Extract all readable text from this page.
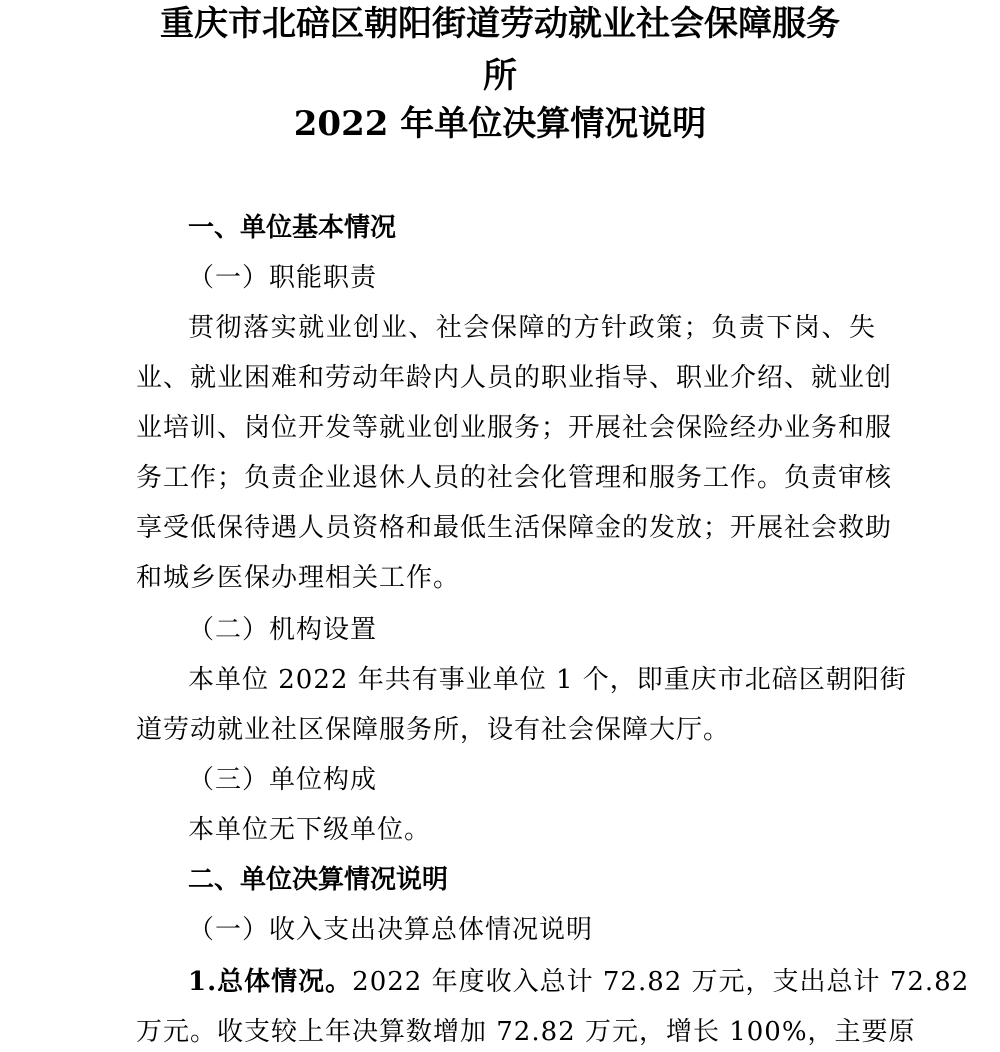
重庆市北碚区朝阳街道劳动就业社会保障服务
所
2022 年单位决算情况说明
一、单位基本情况
（一）职能职责
贯彻落实就业创业、社会保障的方针政策；负责下岗、失
业、就业困难和劳动年龄内人员的职业指导、职业介绍、就业创
业培训、岗位开发等就业创业服务；开展社会保险经办业务和服
务工作；负责企业退休人员的社会化管理和服务工作。负责审核
享受低保待遇人员资格和最低生活保障金的发放；开展社会救助
和城乡医保办理相关工作。
（二）机构设置
本单位 2022 年共有事业单位 1 个，即重庆市北碚区朝阳街
道劳动就业社区保障服务所，设有社会保障大厅。
（三）单位构成
本单位无下级单位。
二、单位决算情况说明
（一）收入支出决算总体情况说明
1.总体情况。 2022 年度收入总计 72.82 万元，支出总计 72.82
万元。收支较上年决算数增加 72.82 万元，增长 100%，主要原
